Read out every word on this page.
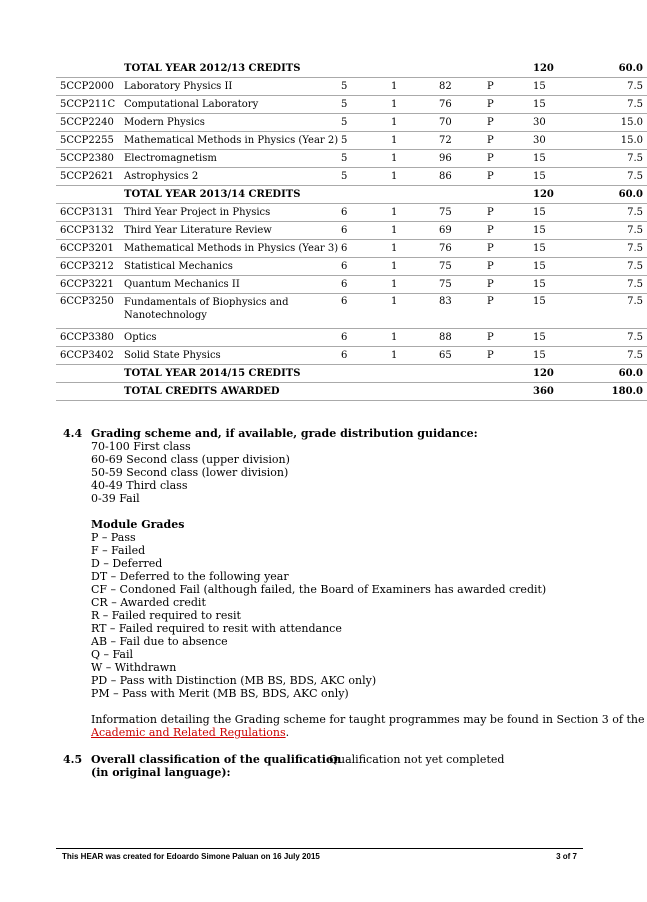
	TOTAL YEAR 2012/13 CREDITS					120	60.0
5CCP2000	Laboratory Physics II	5	1	82	P	15	7.5
5CCP211C	Computational Laboratory	5	1	76	P	15	7.5
5CCP2240	Modern Physics	5	1	70	P	30	15.0
5CCP2255	Mathematical Methods in Physics (Year 2)	5	1	72	P	30	15.0
5CCP2380	Electromagnetism	5	1	96	P	15	7.5
5CCP2621	Astrophysics 2	5	1	86	P	15	7.5
	TOTAL YEAR 2013/14 CREDITS					120	60.0
6CCP3131	Third Year Project in Physics	6	1	75	P	15	7.5
6CCP3132	Third Year Literature Review	6	1	69	P	15	7.5
6CCP3201	Mathematical Methods in Physics (Year 3)	6	1	76	P	15	7.5
6CCP3212	Statistical Mechanics	6	1	75	P	15	7.5
6CCP3221	Quantum Mechanics II	6	1	75	P	15	7.5
6CCP3250	Fundamentals of Biophysics and Nanotechnology	6	1	83	P	15	7.5
6CCP3380	Optics	6	1	88	P	15	7.5
6CCP3402	Solid State Physics	6	1	65	P	15	7.5
	TOTAL YEAR 2014/15 CREDITS					120	60.0
	TOTAL CREDITS AWARDED					360	180.0
4.4 Grading scheme and, if available, grade distribution guidance:
70-100 First class
60-69 Second class (upper division)
50-59 Second class (lower division)
40-49 Third class
0-39 Fail
Module Grades
P – Pass
F – Failed
D – Deferred
DT – Deferred to the following year
CF – Condoned Fail (although failed, the Board of Examiners has awarded credit)
CR – Awarded credit
R – Failed required to resit
RT – Failed required to resit with attendance
AB – Fail due to absence
Q – Fail
W – Withdrawn
PD – Pass with Distinction (MB BS, BDS, AKC only)
PM – Pass with Merit (MB BS, BDS, AKC only)
Information detailing the Grading scheme for taught programmes may be found in Section 3 of the
Academic and Related Regulations.
4.5 Overall classification of the qualification
(in original language):
Qualification not yet completed
This HEAR was created for Edoardo Simone Paluan on 16 July 2015	3 of 7
